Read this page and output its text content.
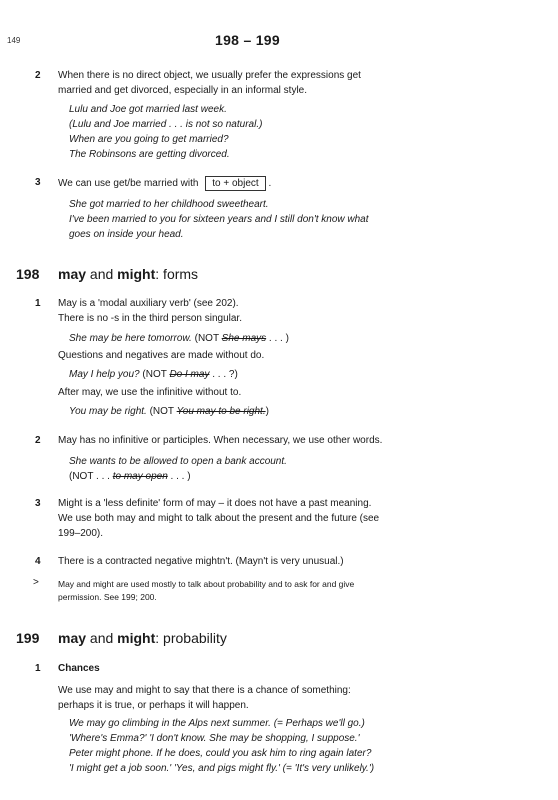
149	198 – 199
2 When there is no direct object, we usually prefer the expressions get
married and get divorced, especially in an informal style.
Lulu and Joe got married last week.
(Lulu and Joe married . . . is not so natural.)
When are you going to get married?
The Robinsons are getting divorced.
3 We can use get/be married with to + object .
She got married to her childhood sweetheart.
I've been married to you for sixteen years and I still don't know what
goes on inside your head.
198 may and might: forms
1 May is a 'modal auxiliary verb' (see 202).
There is no -s in the third person singular.
She may be here tomorrow. (NOT She mays . . . )
Questions and negatives are made without do.
May I help you? (NOT Do I may . . . ?)
After may, we use the infinitive without to.
You may be right. (NOT You may to be right.)
2 May has no infinitive or participles. When necessary, we use other words.
She wants to be allowed to open a bank account.
(NOT . . . to may open . . . )
3 Might is a 'less definite' form of may – it does not have a past meaning.
We use both may and might to talk about the present and the future (see
199–200).
4 There is a contracted negative mightn't. (Mayn't is very unusual.)
> May and might are used mostly to talk about probability and to ask for and give
permission. See 199; 200.
199 may and might: probability
1 Chances
We use may and might to say that there is a chance of something:
perhaps it is true, or perhaps it will happen.
We may go climbing in the Alps next summer. (= Perhaps we'll go.)
'Where's Emma?' 'I don't know. She may be shopping, I suppose.'
Peter might phone. If he does, could you ask him to ring again later?
'I might get a job soon.' 'Yes, and pigs might fly.' (= 'It's very unlikely.')
